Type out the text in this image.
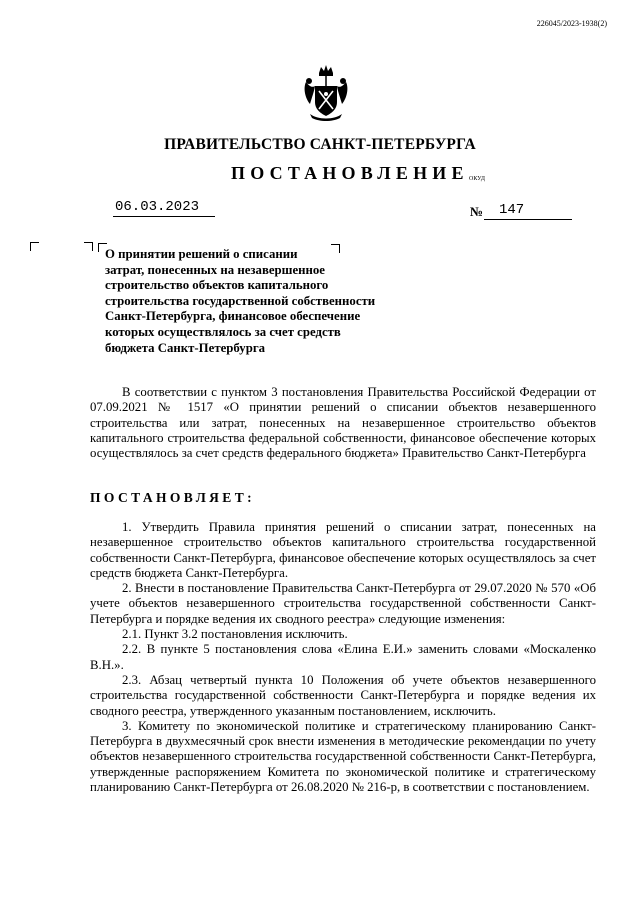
226045/2023-1938(2)
ПРАВИТЕЛЬСТВО САНКТ-ПЕТЕРБУРГА
ПОСТАНОВЛЕНИЕ ОКУД
06.03.2023	№ 147
О принятии решений о списании
затрат, понесенных на незавершенное
строительство объектов капитального
строительства государственной собственности
Санкт-Петербурга, финансовое обеспечение
которых осуществлялось за счет средств
бюджета Санкт-Петербурга
В соответствии с пунктом 3 постановления Правительства Российской Федерации от 07.09.2021 № 1517 «О принятии решений о списании объектов незавершенного строительства или затрат, понесенных на незавершенное строительство объектов капитального строительства федеральной собственности, финансовое обеспечение которых осуществлялось за счет средств федерального бюджета» Правительство Санкт-Петербурга
ПОСТАНОВЛЯЕТ:
1. Утвердить Правила принятия решений о списании затрат, понесенных на незавершенное строительство объектов капитального строительства государственной собственности Санкт-Петербурга, финансовое обеспечение которых осуществлялось за счет средств бюджета Санкт-Петербурга.
2. Внести в постановление Правительства Санкт-Петербурга от 29.07.2020 № 570 «Об учете объектов незавершенного строительства государственной собственности Санкт-Петербурга и порядке ведения их сводного реестра» следующие изменения:
2.1. Пункт 3.2 постановления исключить.
2.2. В пункте 5 постановления слова «Елина Е.И.» заменить словами «Москаленко В.Н.».
2.3. Абзац четвертый пункта 10 Положения об учете объектов незавершенного строительства государственной собственности Санкт-Петербурга и порядке ведения их сводного реестра, утвержденного указанным постановлением, исключить.
3. Комитету по экономической политике и стратегическому планированию Санкт-Петербурга в двухмесячный срок внести изменения в методические рекомендации по учету объектов незавершенного строительства государственной собственности Санкт-Петербурга, утвержденные распоряжением Комитета по экономической политике и стратегическому планированию Санкт-Петербурга от 26.08.2020 № 216-р, в соответствии с постановлением.
